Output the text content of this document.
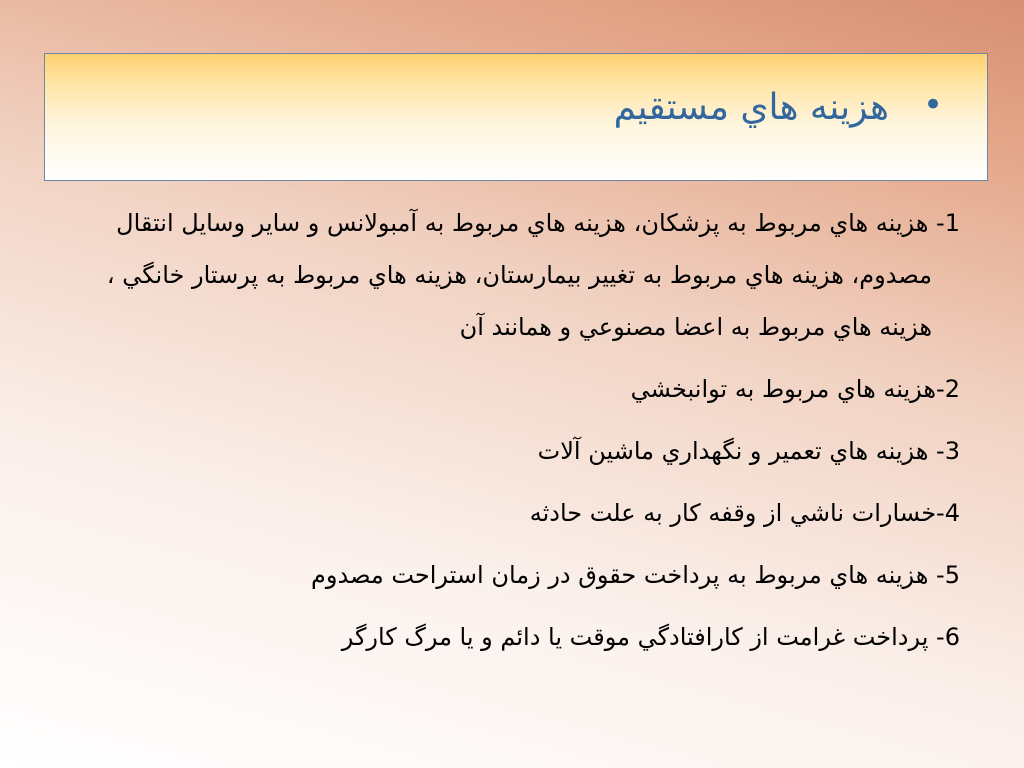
•
هزينه هاي مستقيم

1- هزينه هاي مربوط به پزشكان، هزينه هاي مربوط به آمبولانس و ساير وسايل انتقال مصدوم، هزينه هاي مربوط به تغيير بيمارستان، هزينه هاي مربوط به پرستار خانگي ، هزينه هاي مربوط به اعضا مصنوعي و همانند آن

2-هزينه هاي مربوط به توانبخشي

3- هزينه هاي تعمير و نگهداري ماشين آلات

4-خسارات ناشي از وقفه كار به علت حادثه

5- هزينه هاي مربوط به پرداخت حقوق در زمان استراحت مصدوم

6- پرداخت غرامت از كارافتادگي موقت يا دائم و يا مرگ كارگر
